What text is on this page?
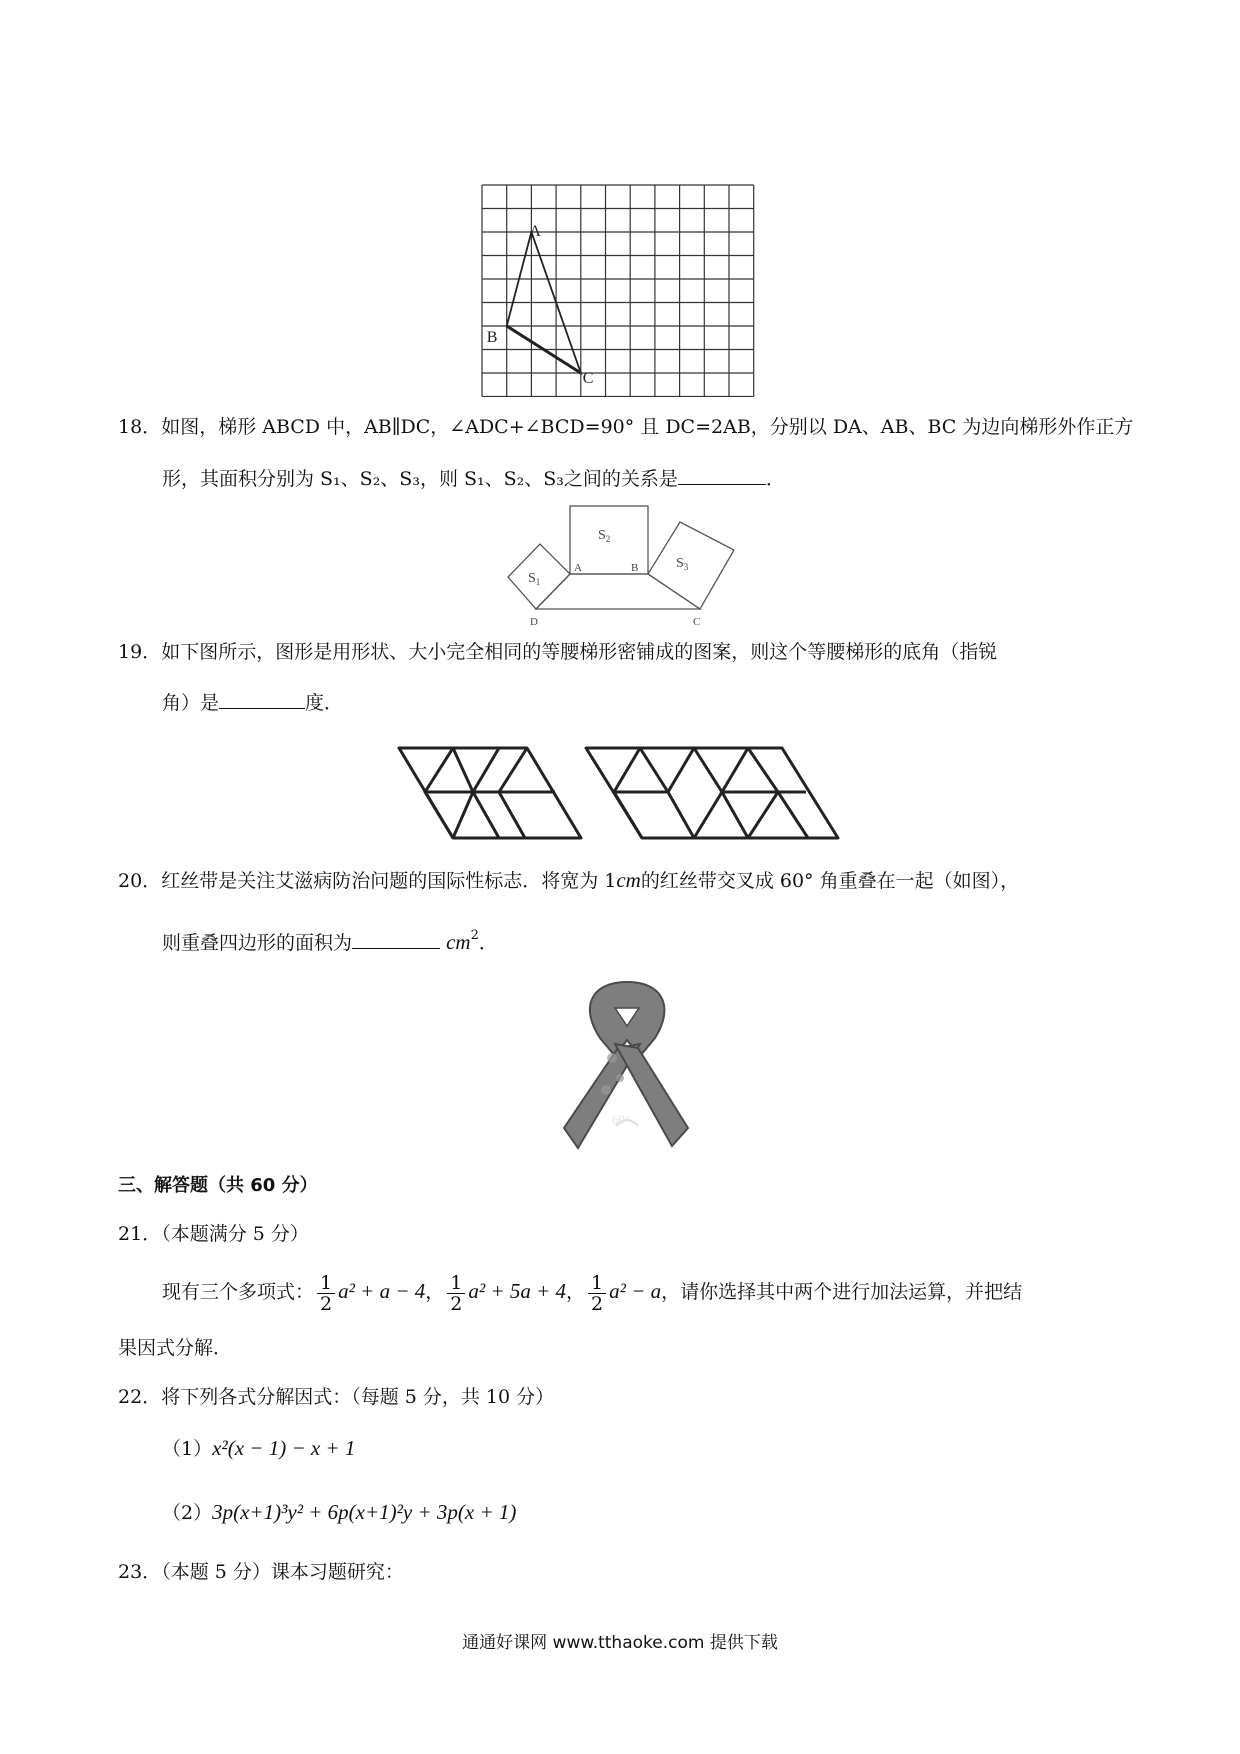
A
B
C
18．如图，梯形 ABCD 中，AB∥DC，∠ADC+∠BCD=90° 且 DC=2AB，分别以 DA、AB、BC 为边向梯形外作正方
形，其面积分别为 S₁、S₂、S₃，则 S₁、S₂、S₃之间的关系是	．
$S_1$
$S_2$
$S_3$
A	B
D	C
19．如下图所示，图形是用形状、大小完全相同的等腰梯形密铺成的图案，则这个等腰梯形的底角（指锐
角）是	度．
20．红丝带是关注艾滋病防治问题的国际性标志．将宽为 1cm的红丝带交叉成 60° 角重叠在一起（如图），
则重叠四边形的面积为	$cm^2$．
60°
三、解答题（共 60 分）
21．（本题满分 5 分）
现有三个多项式： $\frac{1}{2} a^2 + a - 4$， $\frac{1}{2} a^2 + 5a + 4$， $\frac{1}{2} a^2 - a$，请你选择其中两个进行加法运算，并把结
果因式分解．
22．将下列各式分解因式：（每题 5 分，共 10 分）
（1）x²(x − 1) − x + 1
（2）3p(x+1)³y² + 6p(x+1)²y + 3p(x + 1)
23．（本题 5 分）课本习题研究：
通通好课网 www.tthaoke.com 提供下载
